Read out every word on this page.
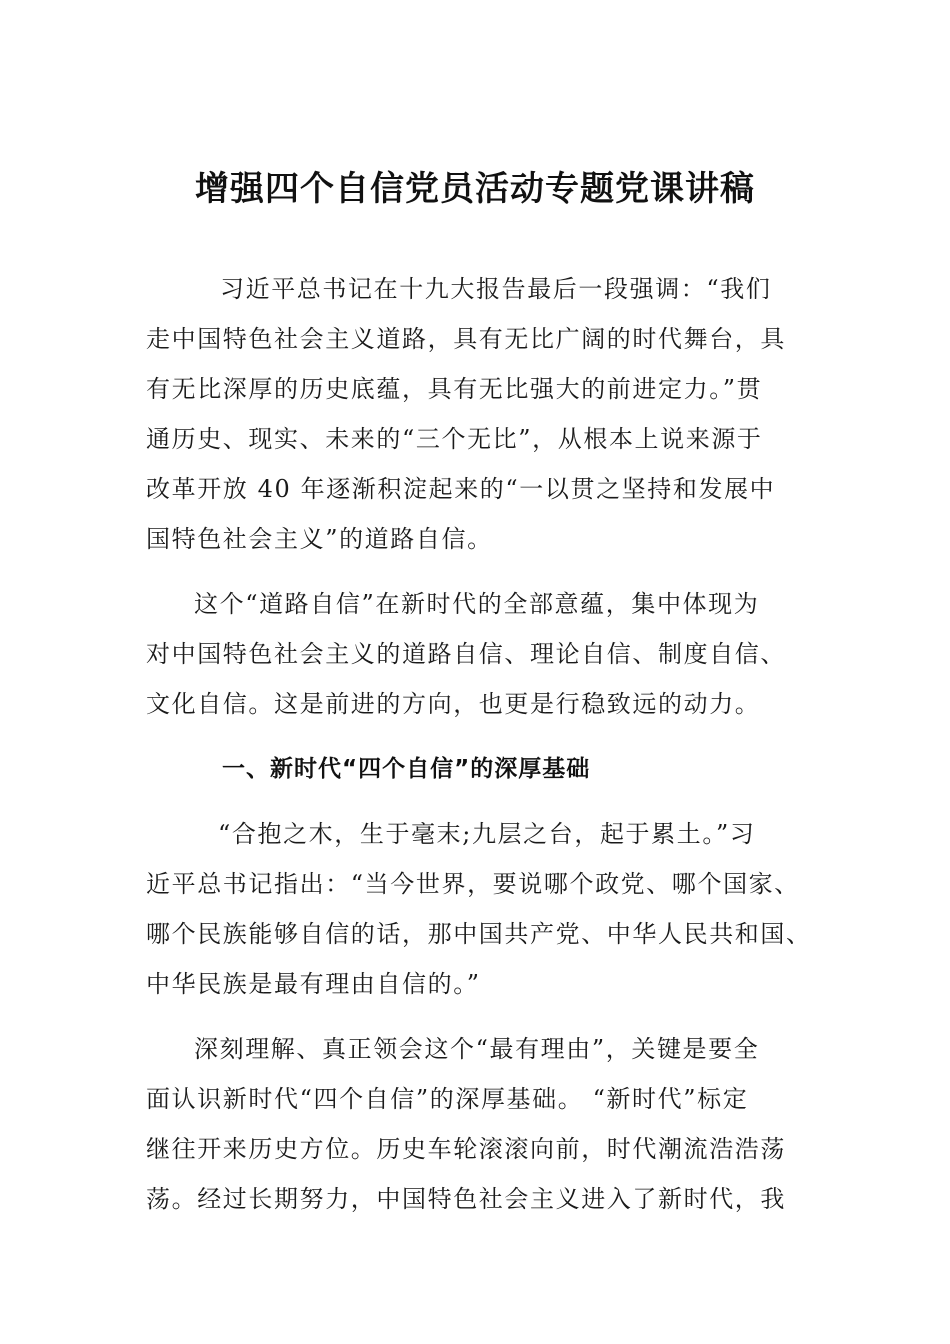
增强四个自信党员活动专题党课讲稿

习近平总书记在十九大报告最后一段强调：“我们
走中国特色社会主义道路，具有无比广阔的时代舞台，具
有无比深厚的历史底蕴，具有无比强大的前进定力。”贯
通历史、现实、未来的“三个无比”，从根本上说来源于
改革开放 40 年逐渐积淀起来的“一以贯之坚持和发展中
国特色社会主义”的道路自信。

这个“道路自信”在新时代的全部意蕴，集中体现为
对中国特色社会主义的道路自信、理论自信、制度自信、
文化自信。这是前进的方向，也更是行稳致远的动力。

一、新时代“四个自信”的深厚基础

“合抱之木，生于毫末;九层之台，起于累土。”习
近平总书记指出：“当今世界，要说哪个政党、哪个国家、
哪个民族能够自信的话，那中国共产党、中华人民共和国、
中华民族是最有理由自信的。”

深刻理解、真正领会这个“最有理由”，关键是要全
面认识新时代“四个自信”的深厚基础。 “新时代”标定
继往开来历史方位。历史车轮滚滚向前，时代潮流浩浩荡
荡。经过长期努力，中国特色社会主义进入了新时代，我
